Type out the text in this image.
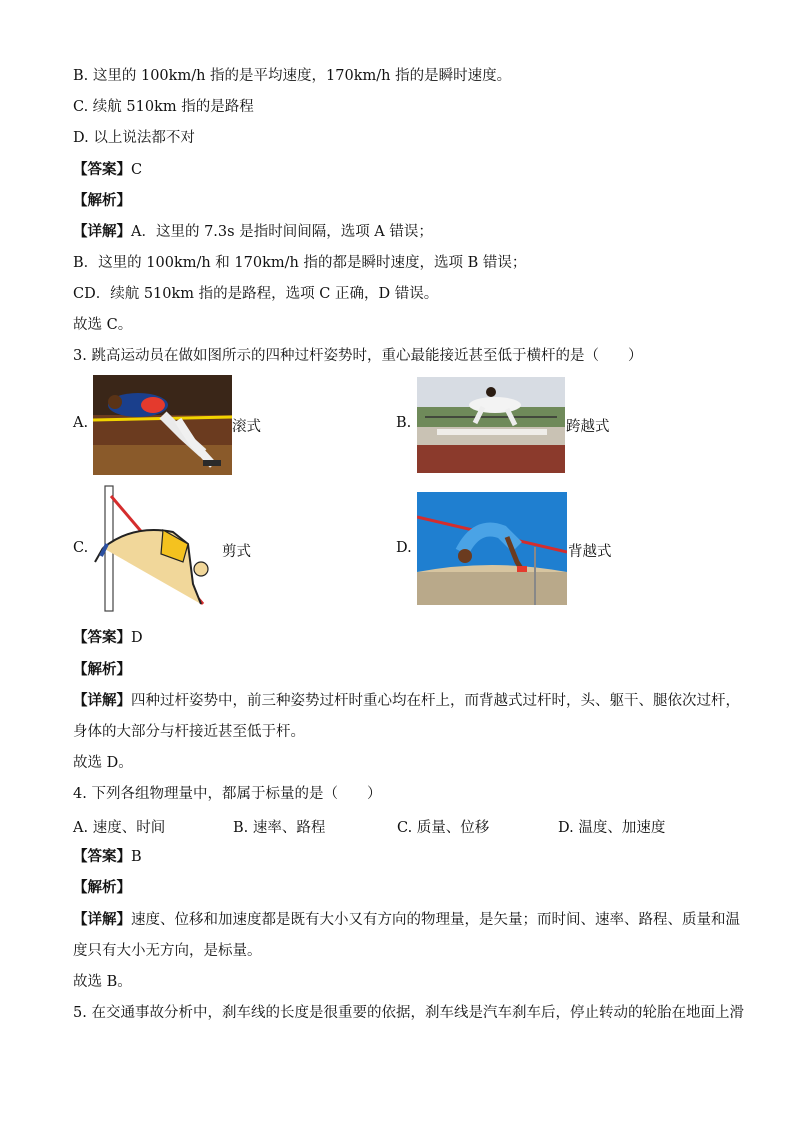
B. 这里的 100km/h 指的是平均速度，170km/h 指的是瞬时速度。
C. 续航 510km 指的是路程
D. 以上说法都不对
【答案】C
【解析】
【详解】A．这里的 7.3s 是指时间间隔，选项 A 错误；
B．这里的 100km/h 和 170km/h 指的都是瞬时速度，选项 B 错误；
CD．续航 510km 指的是路程，选项 C 正确，D 错误。
故选 C。
3. 跳高运动员在做如图所示的四种过杆姿势时，重心最能接近甚至低于横杆的是（　　）
A.	滚式	B.	跨越式
C.	剪式	D.	背越式
【答案】D
【解析】
【详解】四种过杆姿势中，前三种姿势过杆时重心均在杆上，而背越式过杆时，头、躯干、腿依次过杆，
身体的大部分与杆接近甚至低于杆。
故选 D。
4. 下列各组物理量中，都属于标量的是（　　）
A. 速度、时间	B. 速率、路程	C. 质量、位移	D. 温度、加速度
【答案】B
【解析】
【详解】速度、位移和加速度都是既有大小又有方向的物理量，是矢量；而时间、速率、路程、质量和温
度只有大小无方向，是标量。
故选 B。
5. 在交通事故分析中，刹车线的长度是很重要的依据，刹车线是汽车刹车后，停止转动的轮胎在地面上滑
